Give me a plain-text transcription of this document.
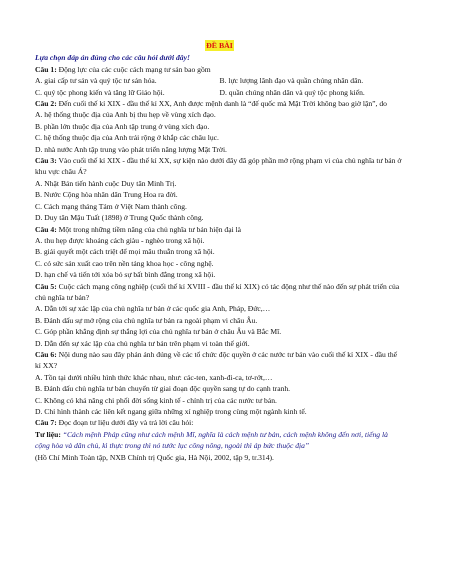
ĐỀ BÀI
Lựa chọn đáp án đúng cho các câu hỏi dưới đây!
Câu 1: Động lực của các cuộc cách mạng tư sản bao gồm
A. giai cấp tư sản và quý tộc tư sản hóa.	B. lực lượng lãnh đạo và quần chúng nhân dân.
C. quý tộc phong kiến và tăng lữ Giáo hội.	D. quần chúng nhân dân và quý tộc phong kiến.
Câu 2: Đến cuối thế kỉ XIX - đầu thế kỉ XX, Anh được mệnh danh là “đế quốc mà Mặt Trời không bao giờ lặn”, do
A. hệ thống thuộc địa của Anh bị thu hẹp về vùng xích đạo.
B. phần lớn thuộc địa của Anh tập trung ở vùng xích đạo.
C. hệ thống thuộc địa của Anh trải rộng ở khắp các châu lục.
D. nhà nước Anh tập trung vào phát triển năng lượng Mặt Trời.
Câu 3: Vào cuối thế kỉ XIX - đầu thế kỉ XX, sự kiện nào dưới đây đã góp phần mở rộng phạm vi của chủ nghĩa tư bản ở khu vực châu Á?
A. Nhật Bản tiến hành cuộc Duy tân Minh Trị.
B. Nước Cộng hòa nhân dân Trung Hoa ra đời.
C. Cách mạng tháng Tám ở Việt Nam thành công.
D. Duy tân Mậu Tuất (1898) ở Trung Quốc thành công.
Câu 4: Một trong những tiềm năng của chủ nghĩa tư bản hiện đại là
A. thu hẹp được khoảng cách giàu - nghèo trong xã hội.
B. giải quyết một cách triệt để mọi mâu thuẫn trong xã hội.
C. có sức sản xuất cao trên nền tảng khoa học - công nghệ.
D. hạn chế và tiến tới xóa bỏ sự bất bình đẳng trong xã hội.
Câu 5: Cuộc cách mạng công nghiệp (cuối thế kỉ XVIII - đầu thế kỉ XIX) có tác động như thế nào đến sự phát triển của chủ nghĩa tư bản?
A. Dẫn tới sự xác lập của chủ nghĩa tư bản ở các quốc gia Anh, Pháp, Đức,…
B. Đánh dấu sự mở rộng của chủ nghĩa tư bản ra ngoài phạm vi châu Âu.
C. Góp phần khẳng định sự thắng lợi của chủ nghĩa tư bản ở châu Âu và Bắc Mĩ.
D. Dẫn đến sự xác lập của chủ nghĩa tư bản trên phạm vi toàn thế giới.
Câu 6: Nội dung nào sau đây phản ánh đúng về các tổ chức độc quyền ở các nước tư bản vào cuối thế kỉ XIX - đầu thế kỉ XX?
A. Tồn tại dưới nhiều hình thức khác nhau, như: các-ten, xanh-đi-ca, tơ-rớt,…
B. Đánh dấu chủ nghĩa tư bản chuyển từ giai đoạn độc quyền sang tự do cạnh tranh.
C. Không có khả năng chi phối đời sống kinh tế - chính trị của các nước tư bản.
D. Chỉ hình thành các liên kết ngang giữa những xí nghiệp trong cùng một ngành kinh tế.
Câu 7: Đọc đoạn tư liệu dưới đây và trả lời câu hỏi:
Tư liệu: “Cách mệnh Pháp cũng như cách mệnh Mĩ, nghĩa là cách mệnh tư bản, cách mệnh không đến nơi, tiếng là cộng hòa và dân chủ, kì thực trong thì nó tước lục công nông, ngoài thì áp bức thuộc địa”
(Hồ Chí Minh Toàn tập, NXB Chính trị Quốc gia, Hà Nội, 2002, tập 9, tr.314).
